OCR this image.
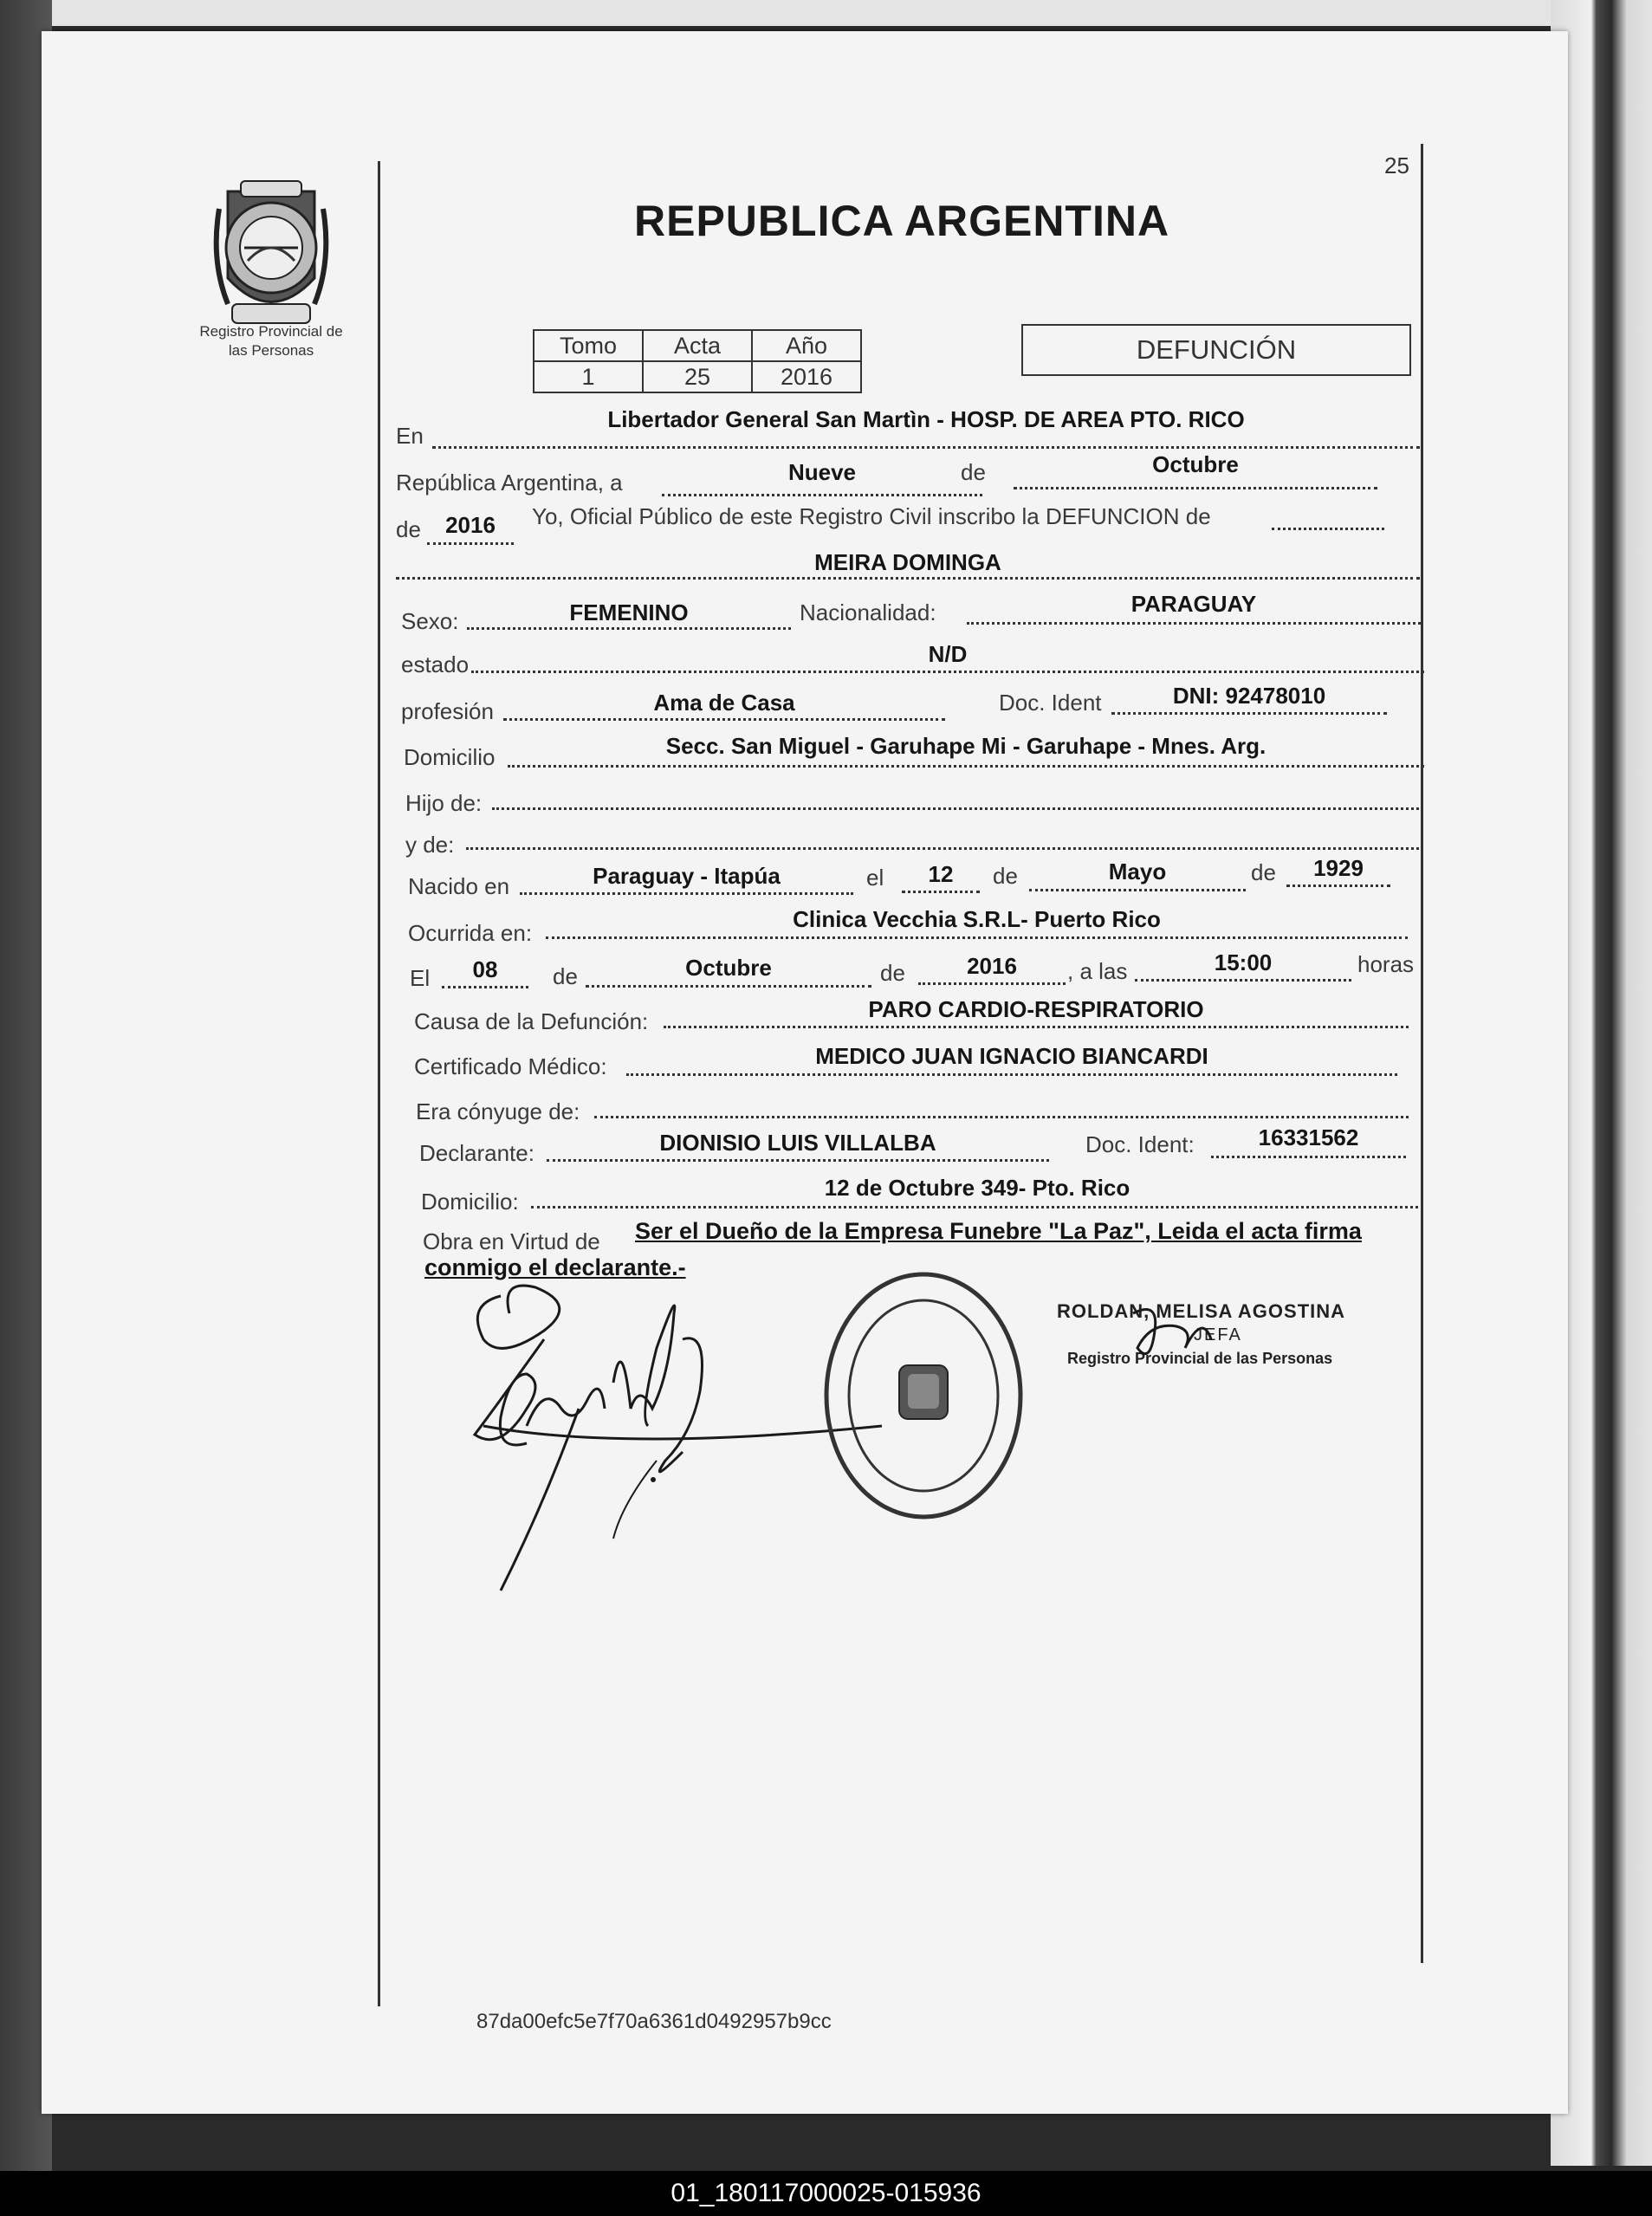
25
Registro Provincial de
las Personas
REPUBLICA ARGENTINA
Tomo	Acta	Año
1	25	2016
DEFUNCIÓN
En
Libertador General San Martìn - HOSP. DE AREA PTO. RICO
República Argentina, a	Nueve	de	Octubre
de	2016	Yo, Oficial Público de este Registro Civil inscribo la DEFUNCION de
MEIRA DOMINGA
Sexo:	FEMENINO	Nacionalidad:	PARAGUAY
estado	N/D
profesión	Ama de Casa	Doc. Ident	DNI: 92478010
Domicilio	Secc. San Miguel - Garuhape Mi - Garuhape - Mnes. Arg.
Hijo de:
y de:
Nacido en	Paraguay - Itapúa	el	12	de	Mayo	de	1929
Ocurrida en:
Clinica Vecchia S.R.L- Puerto Rico
El	08	de	Octubre	de	2016	, a las	15:00	horas
Causa de la Defunción:	PARO CARDIO-RESPIRATORIO
Certificado Médico:	MEDICO JUAN IGNACIO BIANCARDI
Era cónyuge de:
Declarante:	DIONISIO LUIS VILLALBA	Doc. Ident:	16331562
Domicilio:
12 de Octubre 349- Pto. Rico
Obra en Virtud de Ser el Dueño de la Empresa Funebre "La Paz", Leida el acta firma
conmigo el declarante.-
ROLDAN, MELISA AGOSTINA
JEFA
Registro Provincial de las Personas
87da00efc5e7f70a6361d0492957b9cc
01_180117000025-015936
